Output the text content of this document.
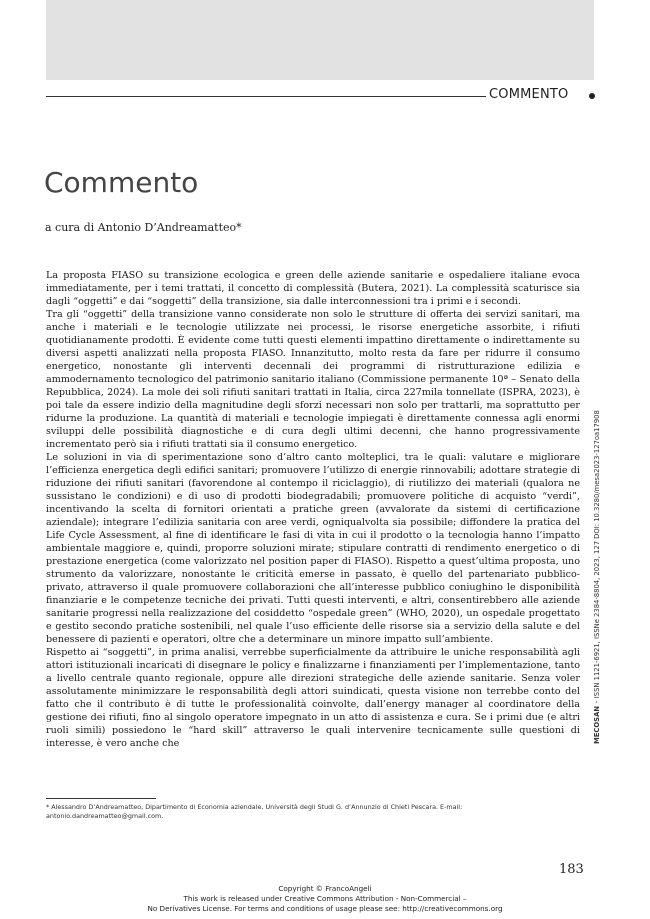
COMMENTO
Commento
a cura di Antonio D’Andreamatteo*

La proposta FIASO su transizione ecologica e green delle aziende sanitarie e ospedaliere italiane evoca immediatamente, per i temi trattati, il concetto di complessità (Butera, 2021). La complessità scaturisce sia dagli “oggetti” e dai “soggetti” della transizione, sia dalle interconnessioni tra i primi e i secondi.

Tra gli “oggetti” della transizione vanno considerate non solo le strutture di offerta dei servizi sanitari, ma anche i materiali e le tecnologie utilizzate nei processi, le risorse energetiche assorbite, i rifiuti quotidianamente prodotti. È evidente come tutti questi elementi impattino direttamente o indirettamente su diversi aspetti analizzati nella proposta FIASO. Innanzitutto, molto resta da fare per ridurre il consumo energetico, nonostante gli interventi decennali dei programmi di ristrutturazione edilizia e ammodernamento tecnologico del patrimonio sanitario italiano (Commissione permanente 10ª – Senato della Repubblica, 2024). La mole dei soli rifiuti sanitari trattati in Italia, circa 227mila tonnellate (ISPRA, 2023), è poi tale da essere indizio della magnitudine degli sforzi necessari non solo per trattarli, ma soprattutto per ridurne la produzione. La quantità di materiali e tecnologie impiegati è direttamente connessa agli enormi sviluppi delle possibilità diagnostiche e di cura degli ultimi decenni, che hanno progressivamente incrementato però sia i rifiuti trattati sia il consumo energetico.

Le soluzioni in via di sperimentazione sono d’altro canto molteplici, tra le quali: valutare e migliorare l’efficienza energetica degli edifici sanitari; promuovere l’utilizzo di energie rinnovabili; adottare strategie di riduzione dei rifiuti sanitari (favorendone al contempo il riciclaggio), di riutilizzo dei materiali (qualora ne sussistano le condizioni) e di uso di prodotti biodegradabili; promuovere politiche di acquisto “verdi”, incentivando la scelta di fornitori orientati a pratiche green (avvalorate da sistemi di certificazione aziendale); integrare l’edilizia sanitaria con aree verdi, ogniqualvolta sia possibile; diffondere la pratica del Life Cycle Assessment, al fine di identificare le fasi di vita in cui il prodotto o la tecnologia hanno l’impatto ambientale maggiore e, quindi, proporre soluzioni mirate; stipulare contratti di rendimento energetico o di prestazione energetica (come valorizzato nel position paper di FIASO). Rispetto a quest’ultima proposta, uno strumento da valorizzare, nonostante le criticità emerse in passato, è quello del partenariato pubblico-privato, attraverso il quale promuovere collaborazioni che all’interesse pubblico coniughino le disponibilità finanziarie e le competenze tecniche dei privati. Tutti questi interventi, e altri, consentirebbero alle aziende sanitarie progressi nella realizzazione del cosiddetto “ospedale green” (WHO, 2020), un ospedale progettato e gestito secondo pratiche sostenibili, nel quale l’uso efficiente delle risorse sia a servizio della salute e del benessere di pazienti e operatori, oltre che a determinare un minore impatto sull’ambiente.

Rispetto ai “soggetti”, in prima analisi, verrebbe superficialmente da attribuire le uniche responsabilità agli attori istituzionali incaricati di disegnare le policy e finalizzarne i finanziamenti per l’implementazione, tanto a livello centrale quanto regionale, oppure alle direzioni strategiche delle aziende sanitarie. Senza voler assolutamente minimizzare le responsabilità degli attori suindicati, questa visione non terrebbe conto del fatto che il contributo è di tutte le professionalità coinvolte, dall’energy manager al coordinatore della gestione dei rifiuti, fino al singolo operatore impegnato in un atto di assistenza e cura. Se i primi due (e altri ruoli simili) possiedono le “hard skill” attraverso le quali intervenire tecnicamente sulle questioni di interesse, è vero anche che

* Alessandro D’Andreamatteo, Dipartimento di Economia aziendale, Università degli Studi G. d’Annunzio di Chieti Pescara. E-mail: antonio.dandreamatteo@gmail.com.
183
MECOSAN – ISSN 1121-6921, ISSNe 2384-8804, 2023, 127 DOI: 10.3280/mesa2023-127oa17908
Copyright © FrancoAngeli
This work is released under Creative Commons Attribution - Non-Commercial –
No Derivatives License. For terms and conditions of usage please see: http://creativecommons.org
